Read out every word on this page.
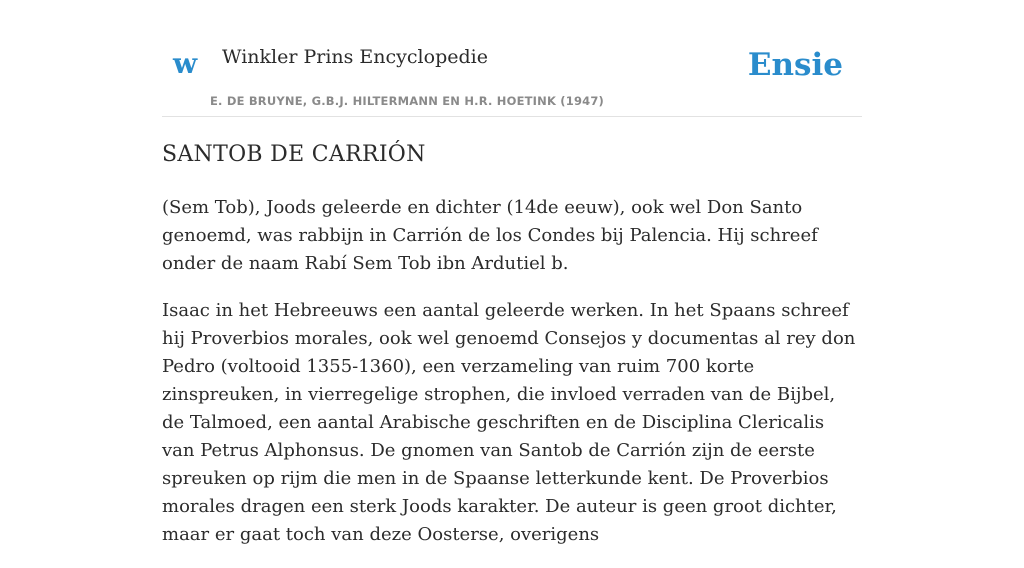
w Winkler Prins Encyclopedie
E. DE BRUYNE, G.B.J. HILTERMANN EN H.R. HOETINK (1947)
Ensie
SANTOB DE CARRIÓN

(Sem Tob), Joods geleerde en dichter (14de eeuw), ook wel Don Santo genoemd, was rabbijn in Carrión de los Condes bij Palencia. Hij schreef onder de naam Rabí Sem Tob ibn Ardutiel b.

Isaac in het Hebreeuws een aantal geleerde werken. In het Spaans schreef hij Proverbios morales, ook wel genoemd Consejos y documentas al rey don Pedro (voltooid 1355-1360), een verzameling van ruim 700 korte zinspreuken, in vierregelige strophen, die invloed verraden van de Bijbel, de Talmoed, een aantal Arabische geschriften en de Disciplina Clericalis van Petrus Alphonsus. De gnomen van Santob de Carrión zijn de eerste spreuken op rijm die men in de Spaanse letterkunde kent. De Proverbios morales dragen een sterk Joods karakter. De auteur is geen groot dichter, maar er gaat toch van deze Oosterse, overigens
